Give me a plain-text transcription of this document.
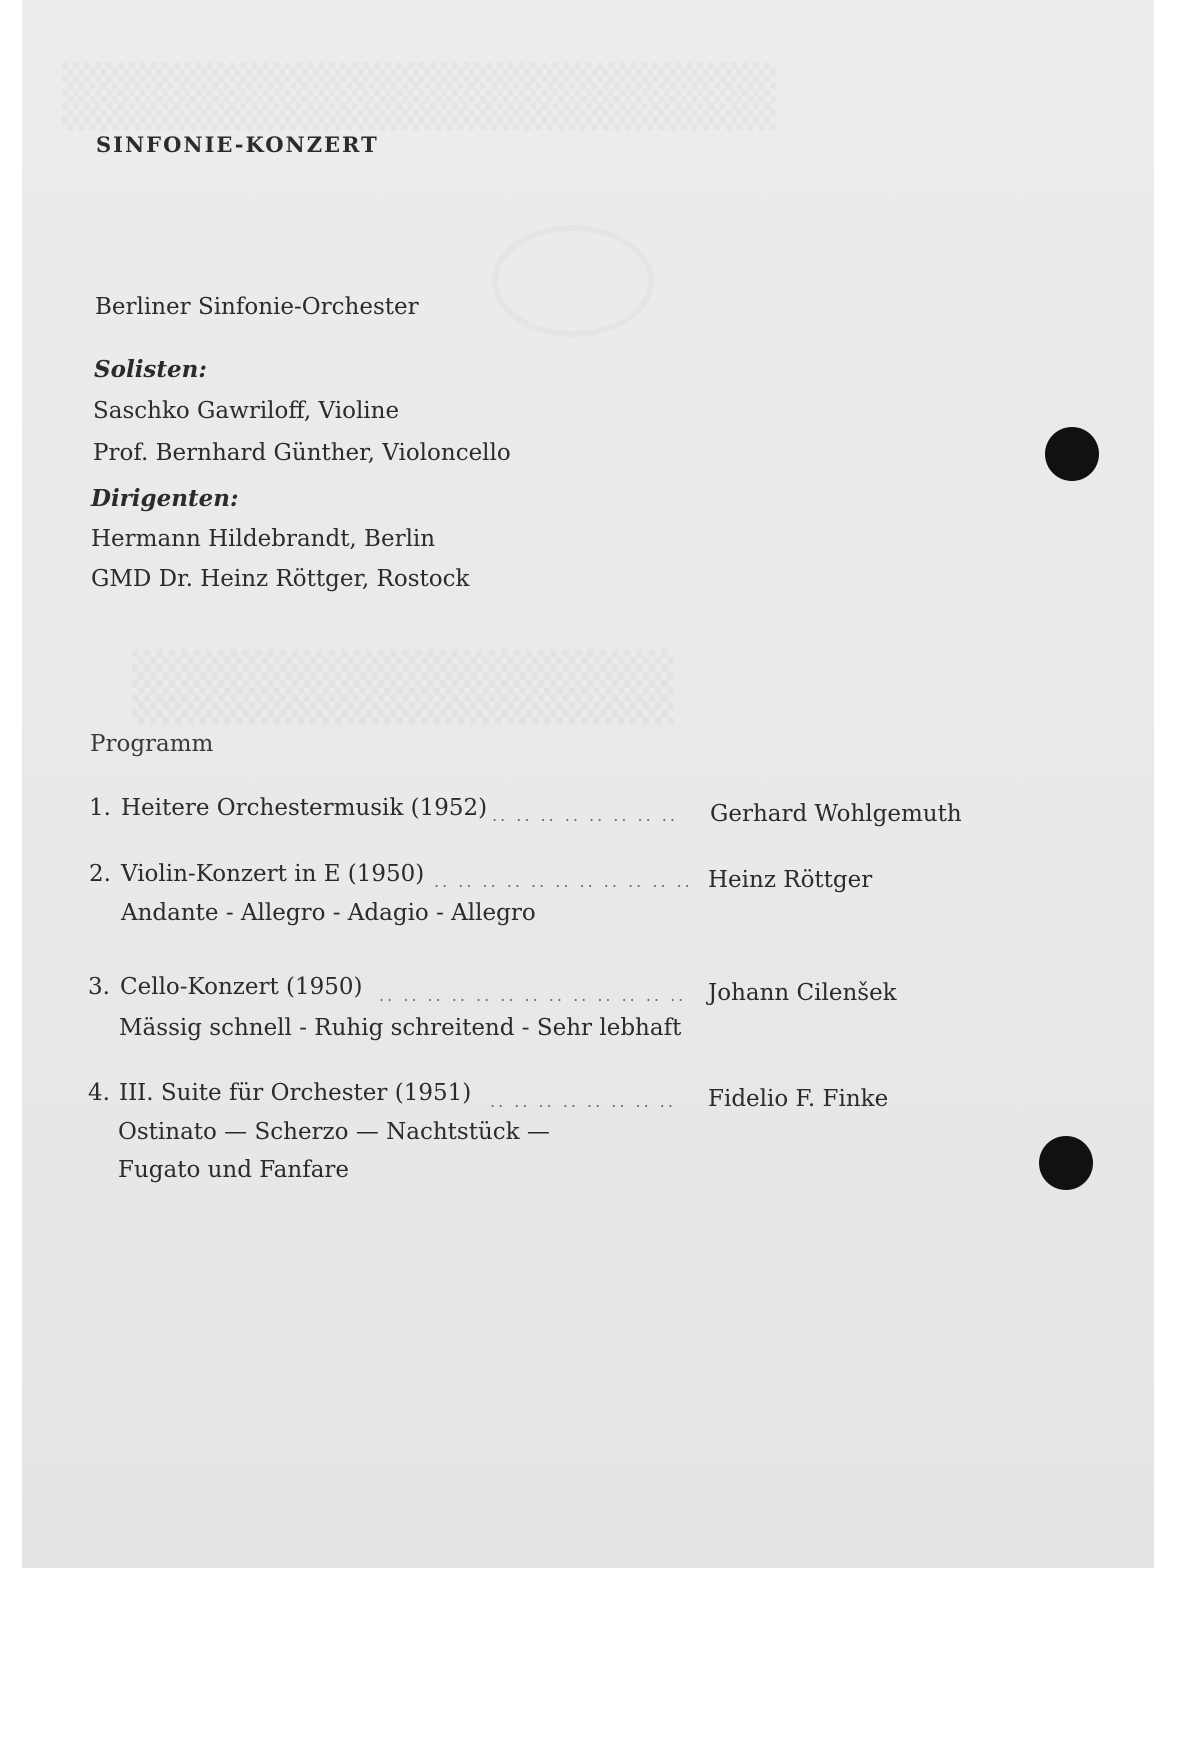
▒▒▒▒▒▒▒▒▒▒▒▒▒▒▒▒
▒▒▒▒▒▒▒▒▒▒▒
SINFONIE-KONZERT
Berliner Sinfonie-Orchester
Solisten:
Saschko Gawriloff, Violine
Prof. Bernhard Günther, Violoncello
Dirigenten:
Hermann Hildebrandt, Berlin
GMD Dr. Heinz Röttger, Rostock
Programm
1. Heitere Orchestermusik (1952) .. .. .. .. .. .. .. .. Gerhard Wohlgemuth
2. Violin-Konzert in E (1950) .. .. .. .. .. .. .. .. .. .. .. Heinz Röttger
Andante - Allegro - Adagio - Allegro
3. Cello-Konzert (1950) .. .. .. .. .. .. .. .. .. .. .. .. .. Johann Cilenšek
Mässig schnell - Ruhig schreitend - Sehr lebhaft
4. III. Suite für Orchester (1951) .. .. .. .. .. .. .. .. Fidelio F. Finke
Ostinato — Scherzo — Nachtstück —
Fugato und Fanfare
